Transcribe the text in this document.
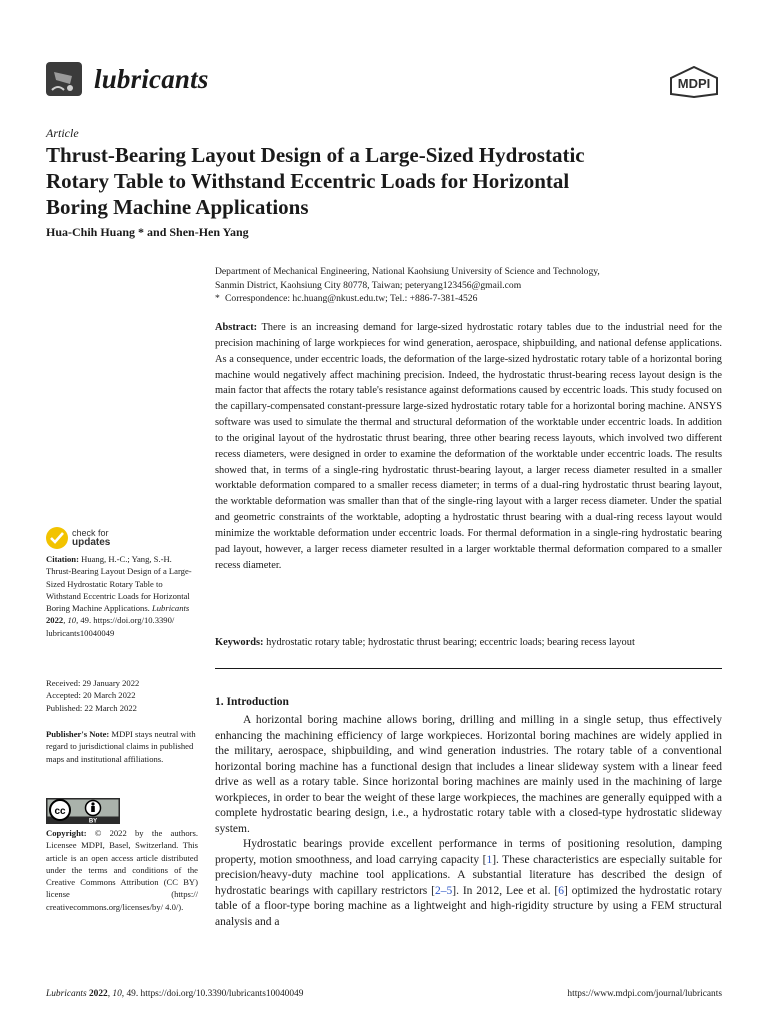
lubricants	MDPI
Article
Thrust-Bearing Layout Design of a Large-Sized Hydrostatic
Rotary Table to Withstand Eccentric Loads for Horizontal
Boring Machine Applications
Hua-Chih Huang * and Shen-Hen Yang
Department of Mechanical Engineering, National Kaohsiung University of Science and Technology,
Sanmin District, Kaohsiung City 80778, Taiwan; peteryang123456@gmail.com
* Correspondence: hc.huang@nkust.edu.tw; Tel.: +886-7-381-4526
Abstract: There is an increasing demand for large-sized hydrostatic rotary tables due to the industrial need for the precision machining of large workpieces for wind generation, aerospace, shipbuilding, and national defense applications. As a consequence, under eccentric loads, the deformation of the large-sized hydrostatic rotary table of a horizontal boring machine would negatively affect machining precision. Indeed, the hydrostatic thrust-bearing recess layout design is the main factor that affects the rotary table's resistance against deformations caused by eccentric loads. This study focused on the capillary-compensated constant-pressure large-sized hydrostatic rotary table for a horizontal boring machine. ANSYS software was used to simulate the thermal and structural deformation of the worktable under eccentric loads. In addition to the original layout of the hydrostatic thrust bearing, three other bearing recess layouts, which involved two different recess diameters, were designed in order to examine the deformation of the worktable under eccentric loads. The results showed that, in terms of a single-ring hydrostatic thrust-bearing layout, a larger recess diameter resulted in a smaller worktable deformation compared to a smaller recess diameter; in terms of a dual-ring hydrostatic thrust bearing layout, the worktable deformation was smaller than that of the single-ring layout with a larger recess diameter. Under the spatial and geometric constraints of the worktable, adopting a hydrostatic thrust bearing with a dual-ring recess layout would minimize the worktable deformation under eccentric loads. For thermal deformation in a single-ring hydrostatic bearing pad layout, however, a larger recess diameter resulted in a larger worktable thermal deformation compared to a smaller recess diameter.
Keywords: hydrostatic rotary table; hydrostatic thrust bearing; eccentric loads; bearing recess layout
1. Introduction

A horizontal boring machine allows boring, drilling and milling in a single setup, thus effectively enhancing the machining efficiency of large workpieces. Horizontal boring machines are widely applied in the military, aerospace, shipbuilding, and wind generation industries. The rotary table of a conventional horizontal boring machine has a functional design that includes a linear slideway system with a linear feed drive as well as a rotary table. Since horizontal boring machines are mainly used in the machining of large workpieces, in order to bear the weight of these large workpieces, the machines are generally equipped with a complete hydrostatic bearing design, i.e., a hydrostatic rotary table with a closed-type hydrostatic slideway system.

Hydrostatic bearings provide excellent performance in terms of positioning resolution, damping property, motion smoothness, and load carrying capacity [1]. These characteristics are especially suitable for precision/heavy-duty machine tool applications. A substantial literature has described the design of hydrostatic bearings with capillary restrictors [2–5]. In 2012, Lee et al. [6] optimized the hydrostatic rotary table of a floor-type boring machine as a lightweight and high-rigidity structure by using a FEM structural analysis and a

check for
updates
Citation: Huang, H.-C.; Yang, S.-H. Thrust-Bearing Layout Design of a Large-Sized Hydrostatic Rotary Table to Withstand Eccentric Loads for Horizontal Boring Machine Applications. Lubricants 2022, 10, 49. https://doi.org/10.3390/ lubricants10040049
Received: 29 January 2022
Accepted: 20 March 2022
Published: 22 March 2022
Publisher's Note: MDPI stays neutral with regard to jurisdictional claims in published maps and institutional affiliations.
cc
BY
Copyright: © 2022 by the authors. Licensee MDPI, Basel, Switzerland. This article is an open access article distributed under the terms and conditions of the Creative Commons Attribution (CC BY) license (https:// creativecommons.org/licenses/by/ 4.0/).
Lubricants 2022, 10, 49. https://doi.org/10.3390/lubricants10040049	https://www.mdpi.com/journal/lubricants
